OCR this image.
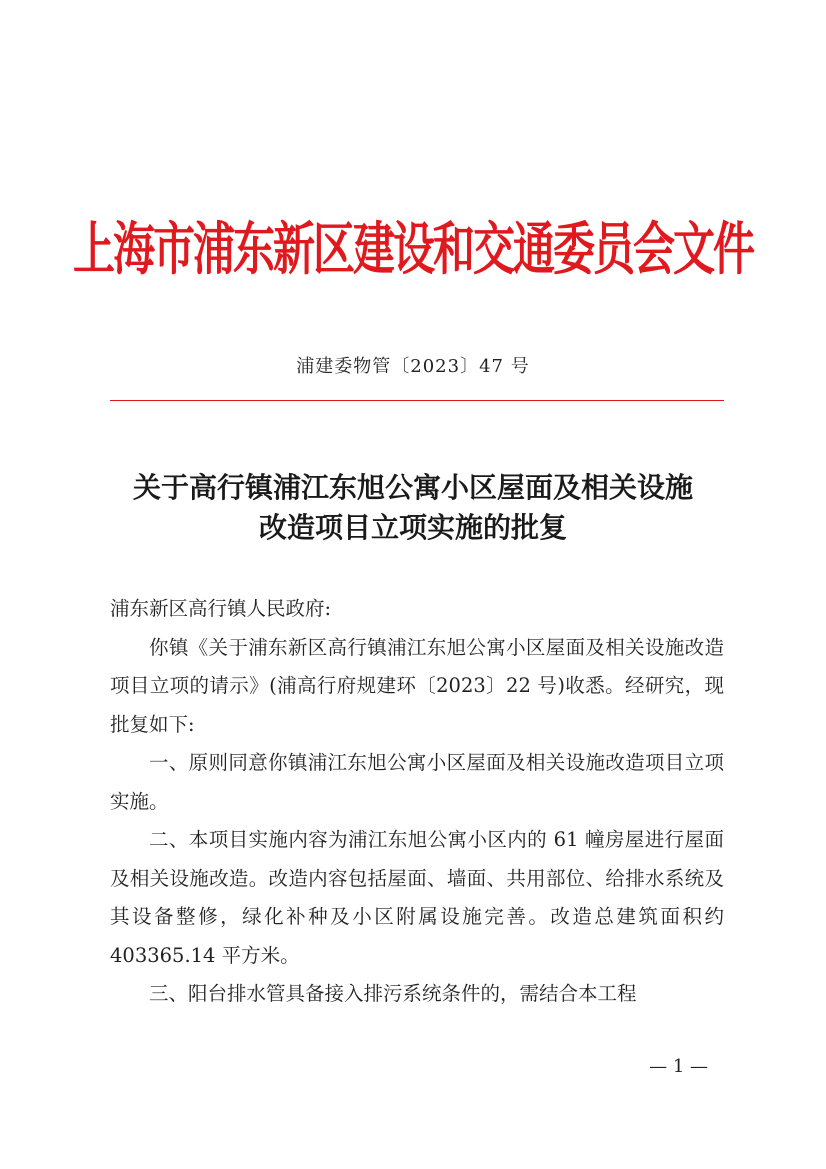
上海市浦东新区建设和交通委员会文件
浦建委物管〔2023〕47 号
关于高行镇浦江东旭公寓小区屋面及相关设施
改造项目立项实施的批复

浦东新区高行镇人民政府:

你镇《关于浦东新区高行镇浦江东旭公寓小区屋面及相关设施改造项目立项的请示》(浦高行府规建环〔2023〕22 号)收悉。经研究，现批复如下:

一、原则同意你镇浦江东旭公寓小区屋面及相关设施改造项目立项实施。

二、本项目实施内容为浦江东旭公寓小区内的 61 幢房屋进行屋面及相关设施改造。改造内容包括屋面、墙面、共用部位、给排水系统及其设备整修，绿化补种及小区附属设施完善。改造总建筑面积约 403365.14 平方米。

三、阳台排水管具备接入排污系统条件的，需结合本工程

— 1 —
